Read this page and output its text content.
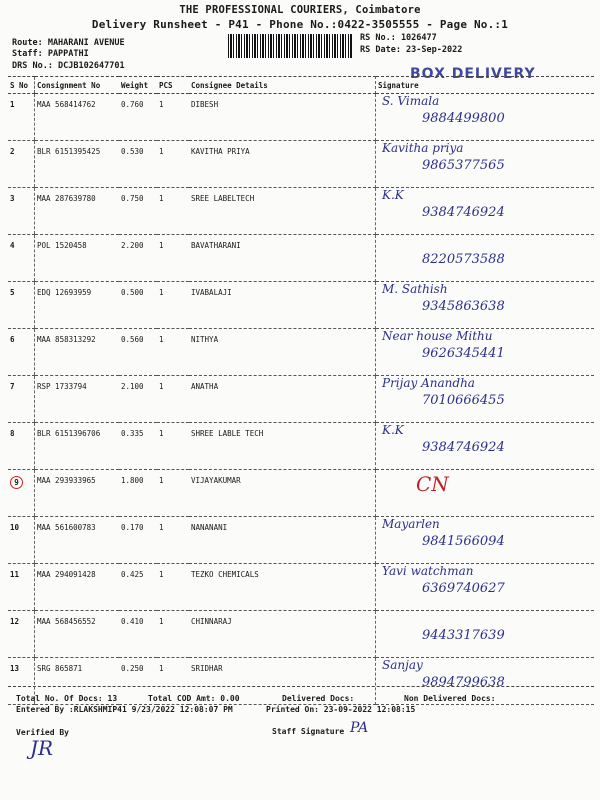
THE PROFESSIONAL COURIERS, Coimbatore
Delivery Runsheet - P41 - Phone No.:0422-3505555 - Page No.:1
Route: MAHARANI AVENUE
Staff: PAPPATHI
DRS No.: DCJB102647701
RS No.: 1026477
RS Date: 23-Sep-2022
BOX DELIVERY
S No	Consignment No	Weight	PCS	Consignee Details	Signature
1	MAA 568414762	0.760	1	DIBESH	S. Vimala
9884499800

2	BLR 6151395425	0.530	1	KAVITHA PRIYA	Kavitha priya
9865377565

3	MAA 287639780	0.750	1	SREE LABELTECH	K.K
9384746924

4	POL 1520458	2.200	1	BAVATHARANI	8220573588

5	EDQ 12693959	0.500	1	IVABALAJI	M. Sathish
9345863638

6	MAA 858313292	0.560	1	NITHYA	Near house Mithu
9626345441

7	RSP 1733794	2.100	1	ANATHA	Prijay Anandha
7010666455

8	BLR 6151396706	0.335	1	SHREE LABLE TECH	K.K
9384746924

9	MAA 293933965	1.800	1	VIJAYAKUMAR	CN

10	MAA 561600783	0.170	1	NANANANI	Mayarlen
9841566094

11	MAA 294091428	0.425	1	TEZKO CHEMICALS	Yavi watchman
6369740627

12	MAA 568456552	0.410	1	CHINNARAJ	9443317639

13	SRG 865871	0.250	1	SRIDHAR	Sanjay
9894799638
Total No. Of Docs: 13	Total COD Amt: 0.00	Delivered Docs:	Non Delivered Docs:
Entered By :RLAKSHMIP41 9/23/2022 12:08:07 PM	Printed On: 23-09-2022 12:08:15
Verified By
JR
Staff Signature PA
